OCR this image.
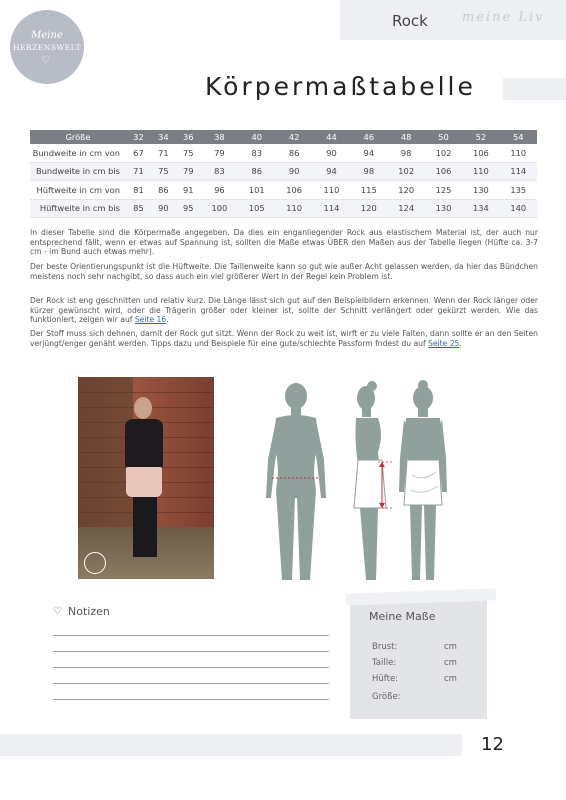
Rock	meine Liv
Meine
HERZENSWELT
♡
Körpermaßtabelle
Größe	32	34	36	38	40	42	44	46	48	50	52	54
Bundweite in cm von	67	71	75	79	83	86	90	94	98	102	106	110
Bundweite in cm bis	71	75	79	83	86	90	94	98	102	106	110	114
Hüftweite in cm von	81	86	91	96	101	106	110	115	120	125	130	135
Hüftweite in cm bis	85	90	95	100	105	110	114	120	124	130	134	140

In dieser Tabelle sind die Körpermaße angegeben. Da dies ein enganliegender Rock aus elastischem Material ist, der auch nur entsprechend fällt, wenn er etwas auf Spannung ist, sollten die Maße etwas ÜBER den Maßen aus der Tabelle liegen (Hüfte ca. 3-7 cm - im Bund auch etwas mehr).

Der beste Orientierungspunkt ist die Hüftweite. Die Taillenweite kann so gut wie außer Acht gelassen werden, da hier das Bündchen meistens noch sehr nachgibt, so dass auch ein viel größerer Wert in der Regel kein Problem ist.

Der Rock ist eng geschnitten und relativ kurz. Die Länge lässt sich gut auf den Beispielbildern erkennen. Wenn der Rock länger oder kürzer gewünscht wird, oder die Trägerin größer oder kleiner ist, sollte der Schnitt verlängert oder gekürzt werden. Wie das funktioniert, zeigen wir auf Seite 16.

Der Stoff muss sich dehnen, damit der Rock gut sitzt. Wenn der Rock zu weit ist, wirft er zu viele Falten, dann sollte er an den Seiten verjüngt/enger genäht werden. Tipps dazu und Beispiele für eine gute/schlechte Passform fndest du auf Seite 25.

♡ Notizen	Meine Maße
Brust:	cm
Taille:	cm
Hüfte:	cm
Größe:
12
